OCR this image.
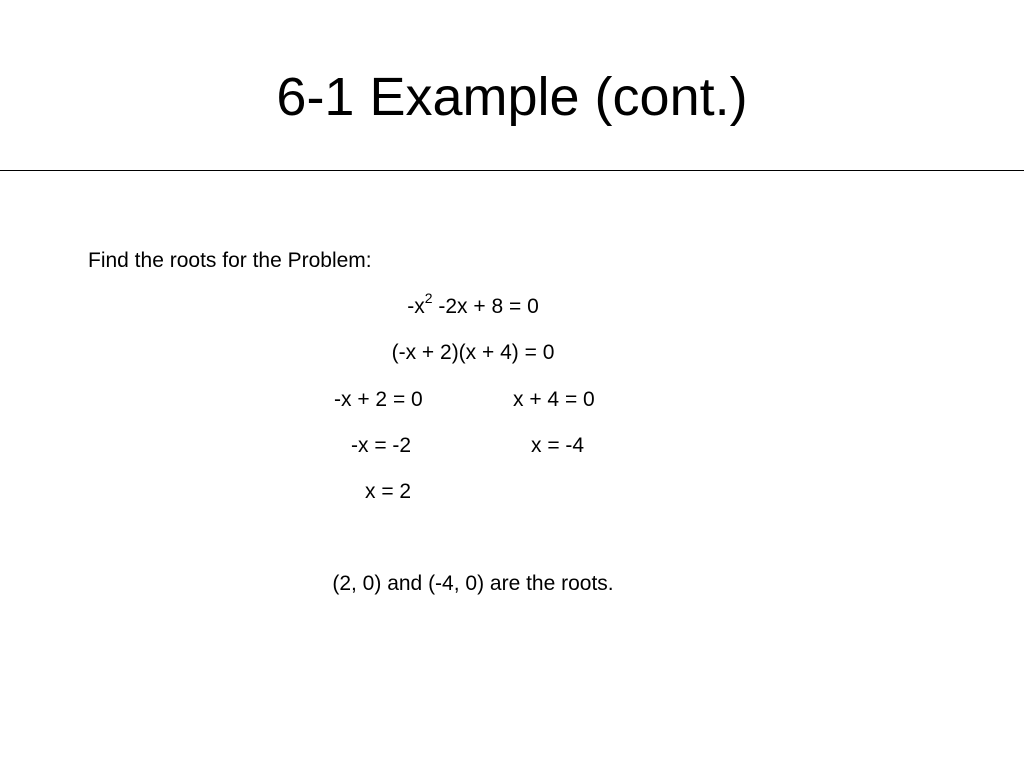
6-1 Example (cont.)
Find the roots for the Problem:
$-x^2$ -2x + 8 = 0
(-x + 2)(x + 4) = 0
-x + 2 = 0	x + 4 = 0
-x = -2	x = -4
x = 2
(2, 0) and (-4, 0) are the roots.
